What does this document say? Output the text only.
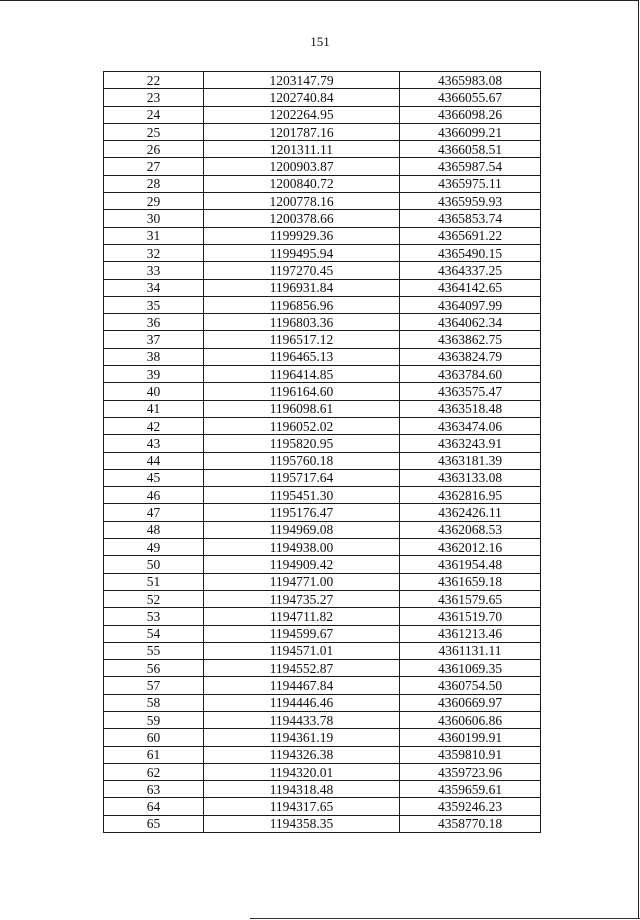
151
22	1203147.79	4365983.08
23	1202740.84	4366055.67
24	1202264.95	4366098.26
25	1201787.16	4366099.21
26	1201311.11	4366058.51
27	1200903.87	4365987.54
28	1200840.72	4365975.11
29	1200778.16	4365959.93
30	1200378.66	4365853.74
31	1199929.36	4365691.22
32	1199495.94	4365490.15
33	1197270.45	4364337.25
34	1196931.84	4364142.65
35	1196856.96	4364097.99
36	1196803.36	4364062.34
37	1196517.12	4363862.75
38	1196465.13	4363824.79
39	1196414.85	4363784.60
40	1196164.60	4363575.47
41	1196098.61	4363518.48
42	1196052.02	4363474.06
43	1195820.95	4363243.91
44	1195760.18	4363181.39
45	1195717.64	4363133.08
46	1195451.30	4362816.95
47	1195176.47	4362426.11
48	1194969.08	4362068.53
49	1194938.00	4362012.16
50	1194909.42	4361954.48
51	1194771.00	4361659.18
52	1194735.27	4361579.65
53	1194711.82	4361519.70
54	1194599.67	4361213.46
55	1194571.01	4361131.11
56	1194552.87	4361069.35
57	1194467.84	4360754.50
58	1194446.46	4360669.97
59	1194433.78	4360606.86
60	1194361.19	4360199.91
61	1194326.38	4359810.91
62	1194320.01	4359723.96
63	1194318.48	4359659.61
64	1194317.65	4359246.23
65	1194358.35	4358770.18
